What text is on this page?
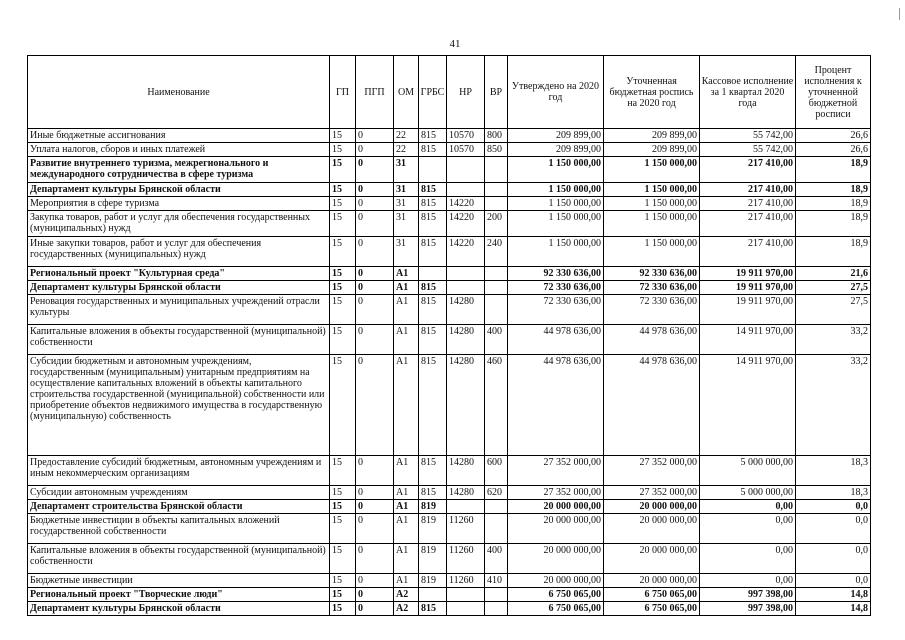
41
Наименование	ГП	ПГП	ОМ	ГРБС	НР	ВР	Утверждено на 2020 год	Уточненная бюджетная роспись на 2020 год	Кассовое исполнение за 1 квартал 2020 года	Процент исполнения к уточненной бюджетной росписи
Иные бюджетные ассигнования	15	0	22	815	10570	800	209 899,00	209 899,00	55 742,00	26,6
Уплата налогов, сборов и иных платежей	15	0	22	815	10570	850	209 899,00	209 899,00	55 742,00	26,6
Развитие внутреннего туризма, межрегионального и международного сотрудничества в сфере туризма	15	0	31				1 150 000,00	1 150 000,00	217 410,00	18,9
Департамент культуры Брянской области	15	0	31	815			1 150 000,00	1 150 000,00	217 410,00	18,9
Мероприятия в сфере туризма	15	0	31	815	14220		1 150 000,00	1 150 000,00	217 410,00	18,9
Закупка товаров, работ и услуг для обеспечения государственных (муниципальных) нужд	15	0	31	815	14220	200	1 150 000,00	1 150 000,00	217 410,00	18,9
Иные закупки товаров, работ и услуг для обеспечения государственных (муниципальных) нужд	15	0	31	815	14220	240	1 150 000,00	1 150 000,00	217 410,00	18,9
Региональный проект "Культурная среда"	15	0	А1				92 330 636,00	92 330 636,00	19 911 970,00	21,6
Департамент культуры Брянской области	15	0	А1	815			72 330 636,00	72 330 636,00	19 911 970,00	27,5
Реновация государственных и муниципальных учреждений отрасли культуры	15	0	А1	815	14280		72 330 636,00	72 330 636,00	19 911 970,00	27,5
Капитальные вложения в объекты государственной (муниципальной) собственности	15	0	А1	815	14280	400	44 978 636,00	44 978 636,00	14 911 970,00	33,2
Субсидии бюджетным и автономным учреждениям, государственным (муниципальным) унитарным предприятиям на осуществление капитальных вложений в объекты капитального строительства государственной (муниципальной) собственности или приобретение объектов недвижимого имущества в государственную (муниципальную) собственность	15	0	А1	815	14280	460	44 978 636,00	44 978 636,00	14 911 970,00	33,2
Предоставление субсидий бюджетным, автономным учреждениям и иным некоммерческим организациям	15	0	А1	815	14280	600	27 352 000,00	27 352 000,00	5 000 000,00	18,3
Субсидии автономным учреждениям	15	0	А1	815	14280	620	27 352 000,00	27 352 000,00	5 000 000,00	18,3
Департамент строительства Брянской области	15	0	А1	819			20 000 000,00	20 000 000,00	0,00	0,0
Бюджетные инвестиции в объекты капитальных вложений государственной собственности	15	0	А1	819	11260		20 000 000,00	20 000 000,00	0,00	0,0
Капитальные вложения в объекты государственной (муниципальной) собственности	15	0	А1	819	11260	400	20 000 000,00	20 000 000,00	0,00	0,0
Бюджетные инвестиции	15	0	А1	819	11260	410	20 000 000,00	20 000 000,00	0,00	0,0
Региональный проект "Творческие люди"	15	0	А2				6 750 065,00	6 750 065,00	997 398,00	14,8
Департамент культуры Брянской области	15	0	А2	815			6 750 065,00	6 750 065,00	997 398,00	14,8
